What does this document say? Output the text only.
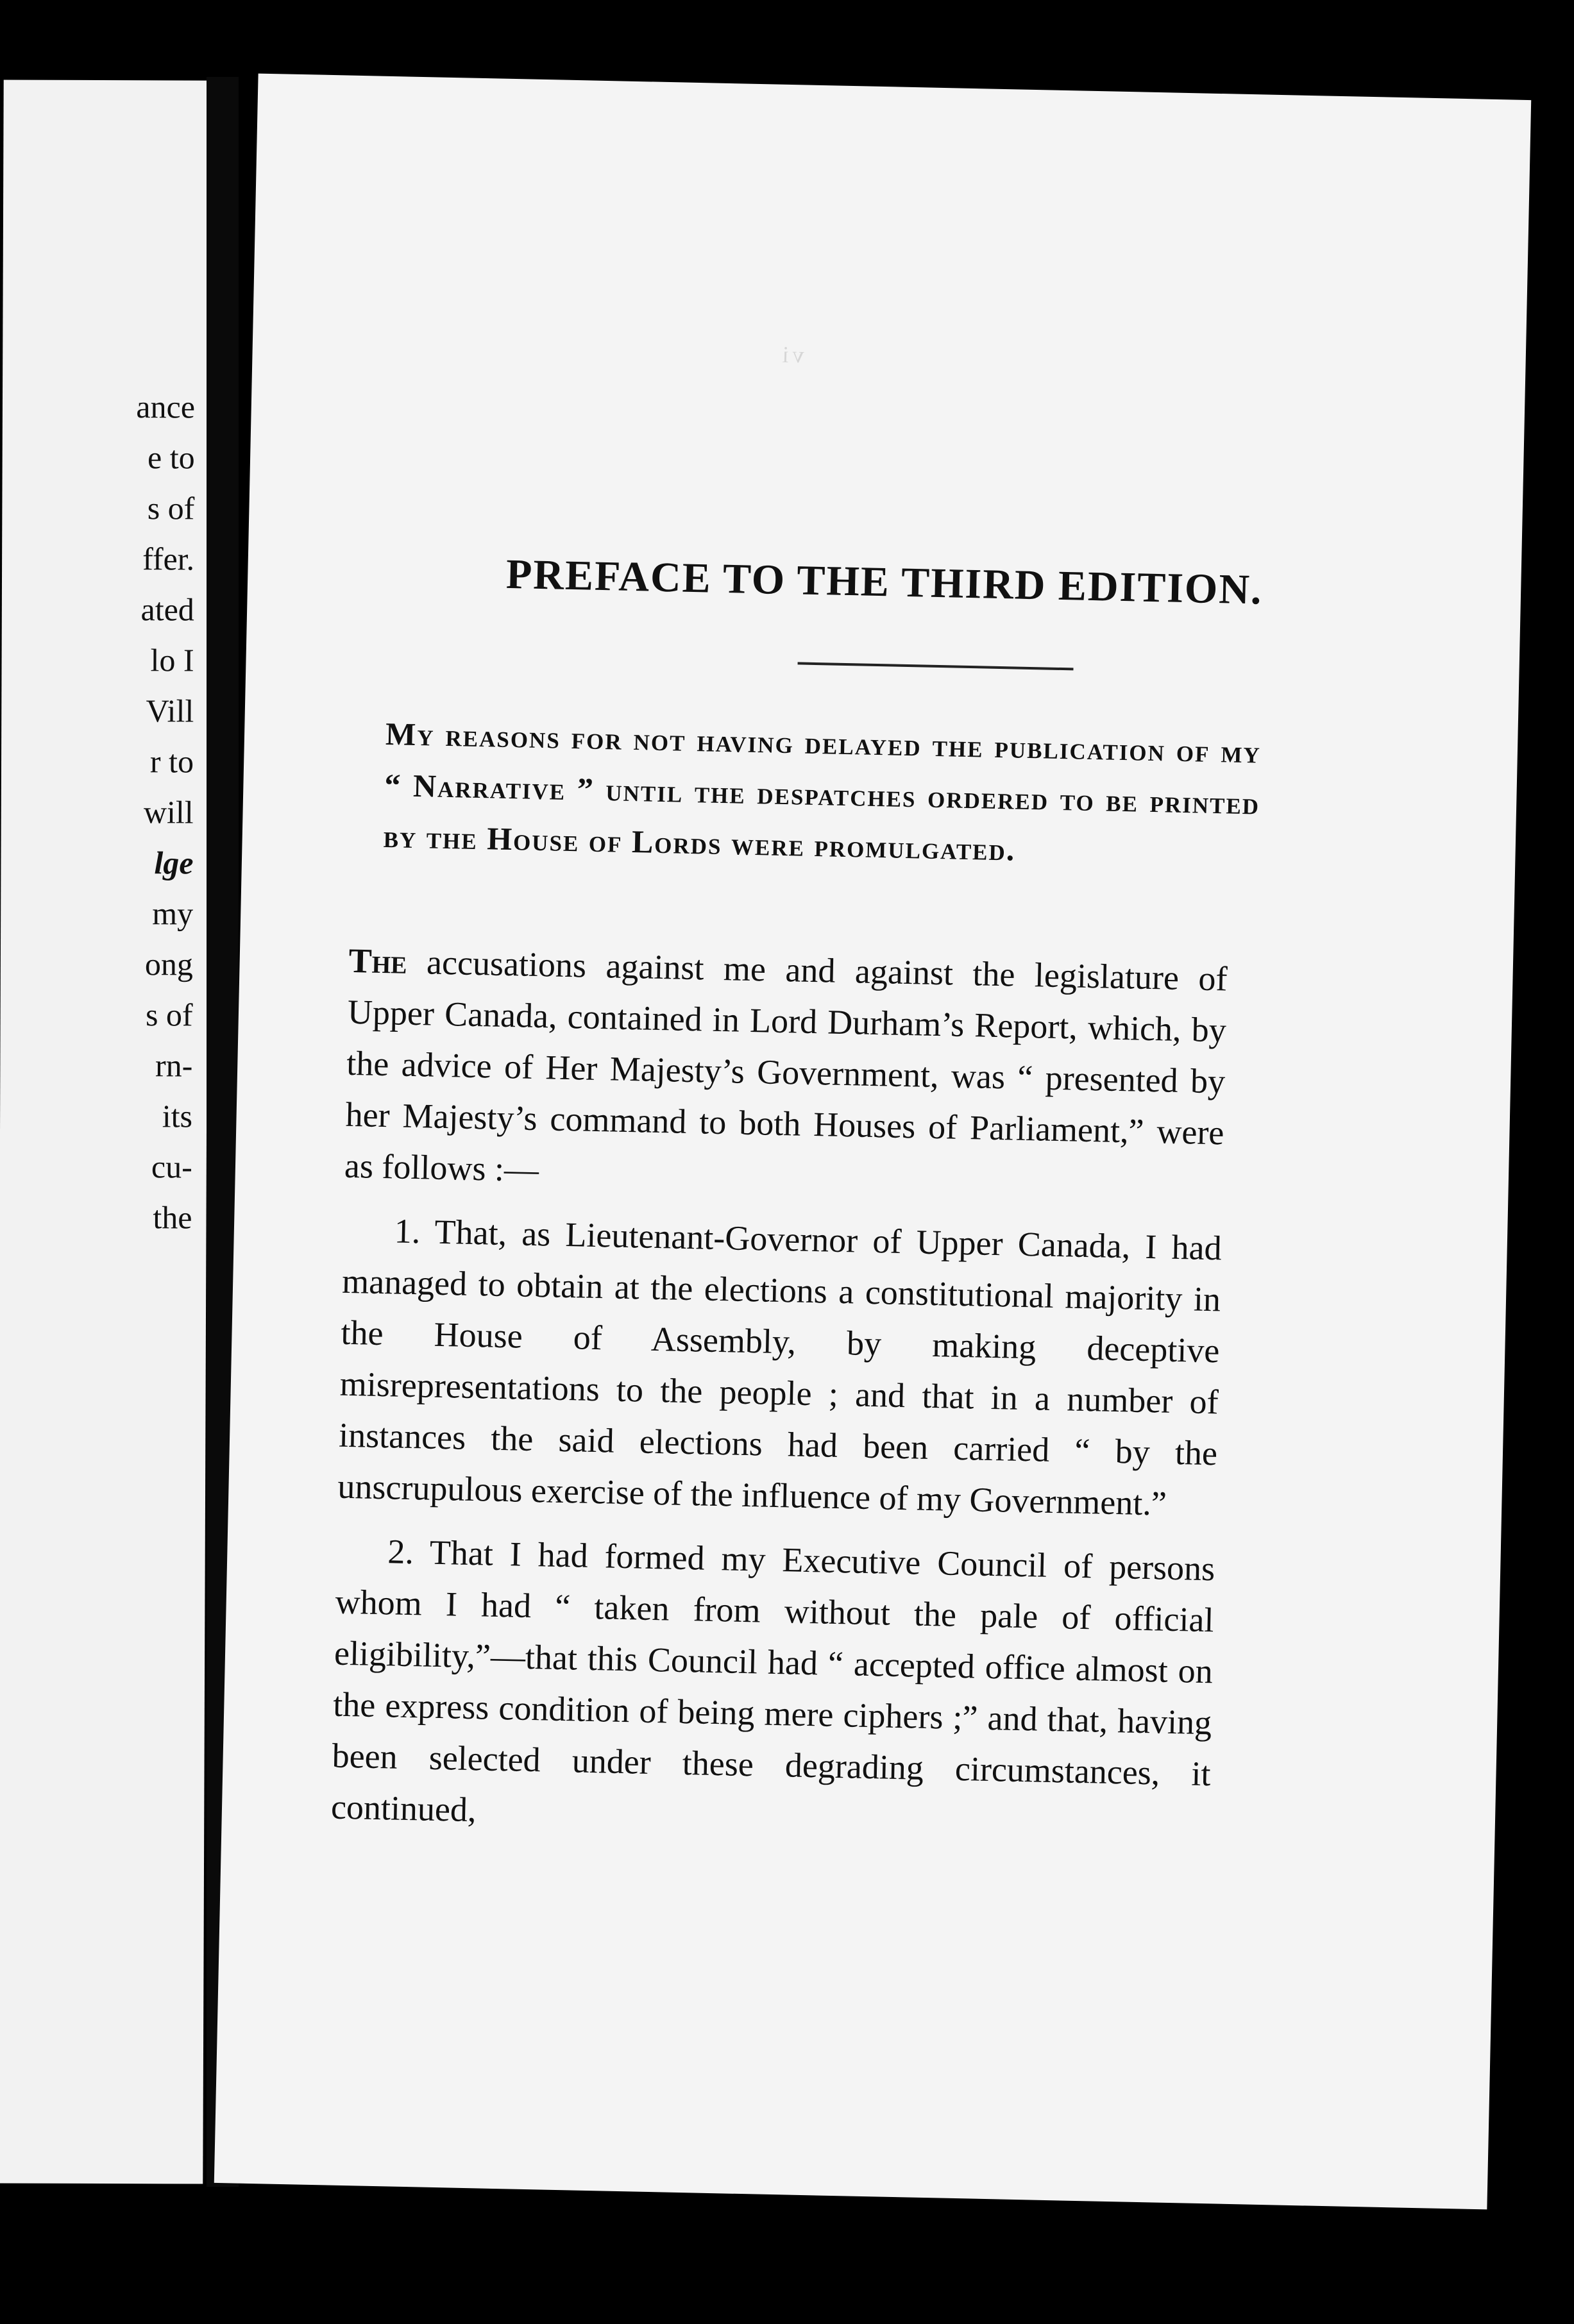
ance
e to
s of
ffer.
ated
lo I
Vill
r to
will
lge
my
ong
s of
rn-
its
cu-
the
vi
PREFACE TO THE THIRD EDITION.
My reasons for not having delayed the publication of my “ Narrative ” until the despatches ordered to be printed by the House of Lords were promulgated.

The accusations against me and against the legislature of Upper Canada, contained in Lord Durham’s Report, which, by the advice of Her Majesty’s Government, was “ presented by her Majesty’s command to both Houses of Parliament,” were as follows :—

1. That, as Lieutenant-Governor of Upper Canada, I had managed to obtain at the elections a constitutional majority in the House of Assembly, by making deceptive misrepresentations to the people ; and that in a number of instances the said elections had been carried “ by the unscrupulous exercise of the influence of my Government.”

2. That I had formed my Executive Council of persons whom I had “ taken from without the pale of official eligibility,”—that this Council had “ accepted office almost on the express condition of being mere ciphers ;” and that, having been selected under these degrading circumstances, it continued,
